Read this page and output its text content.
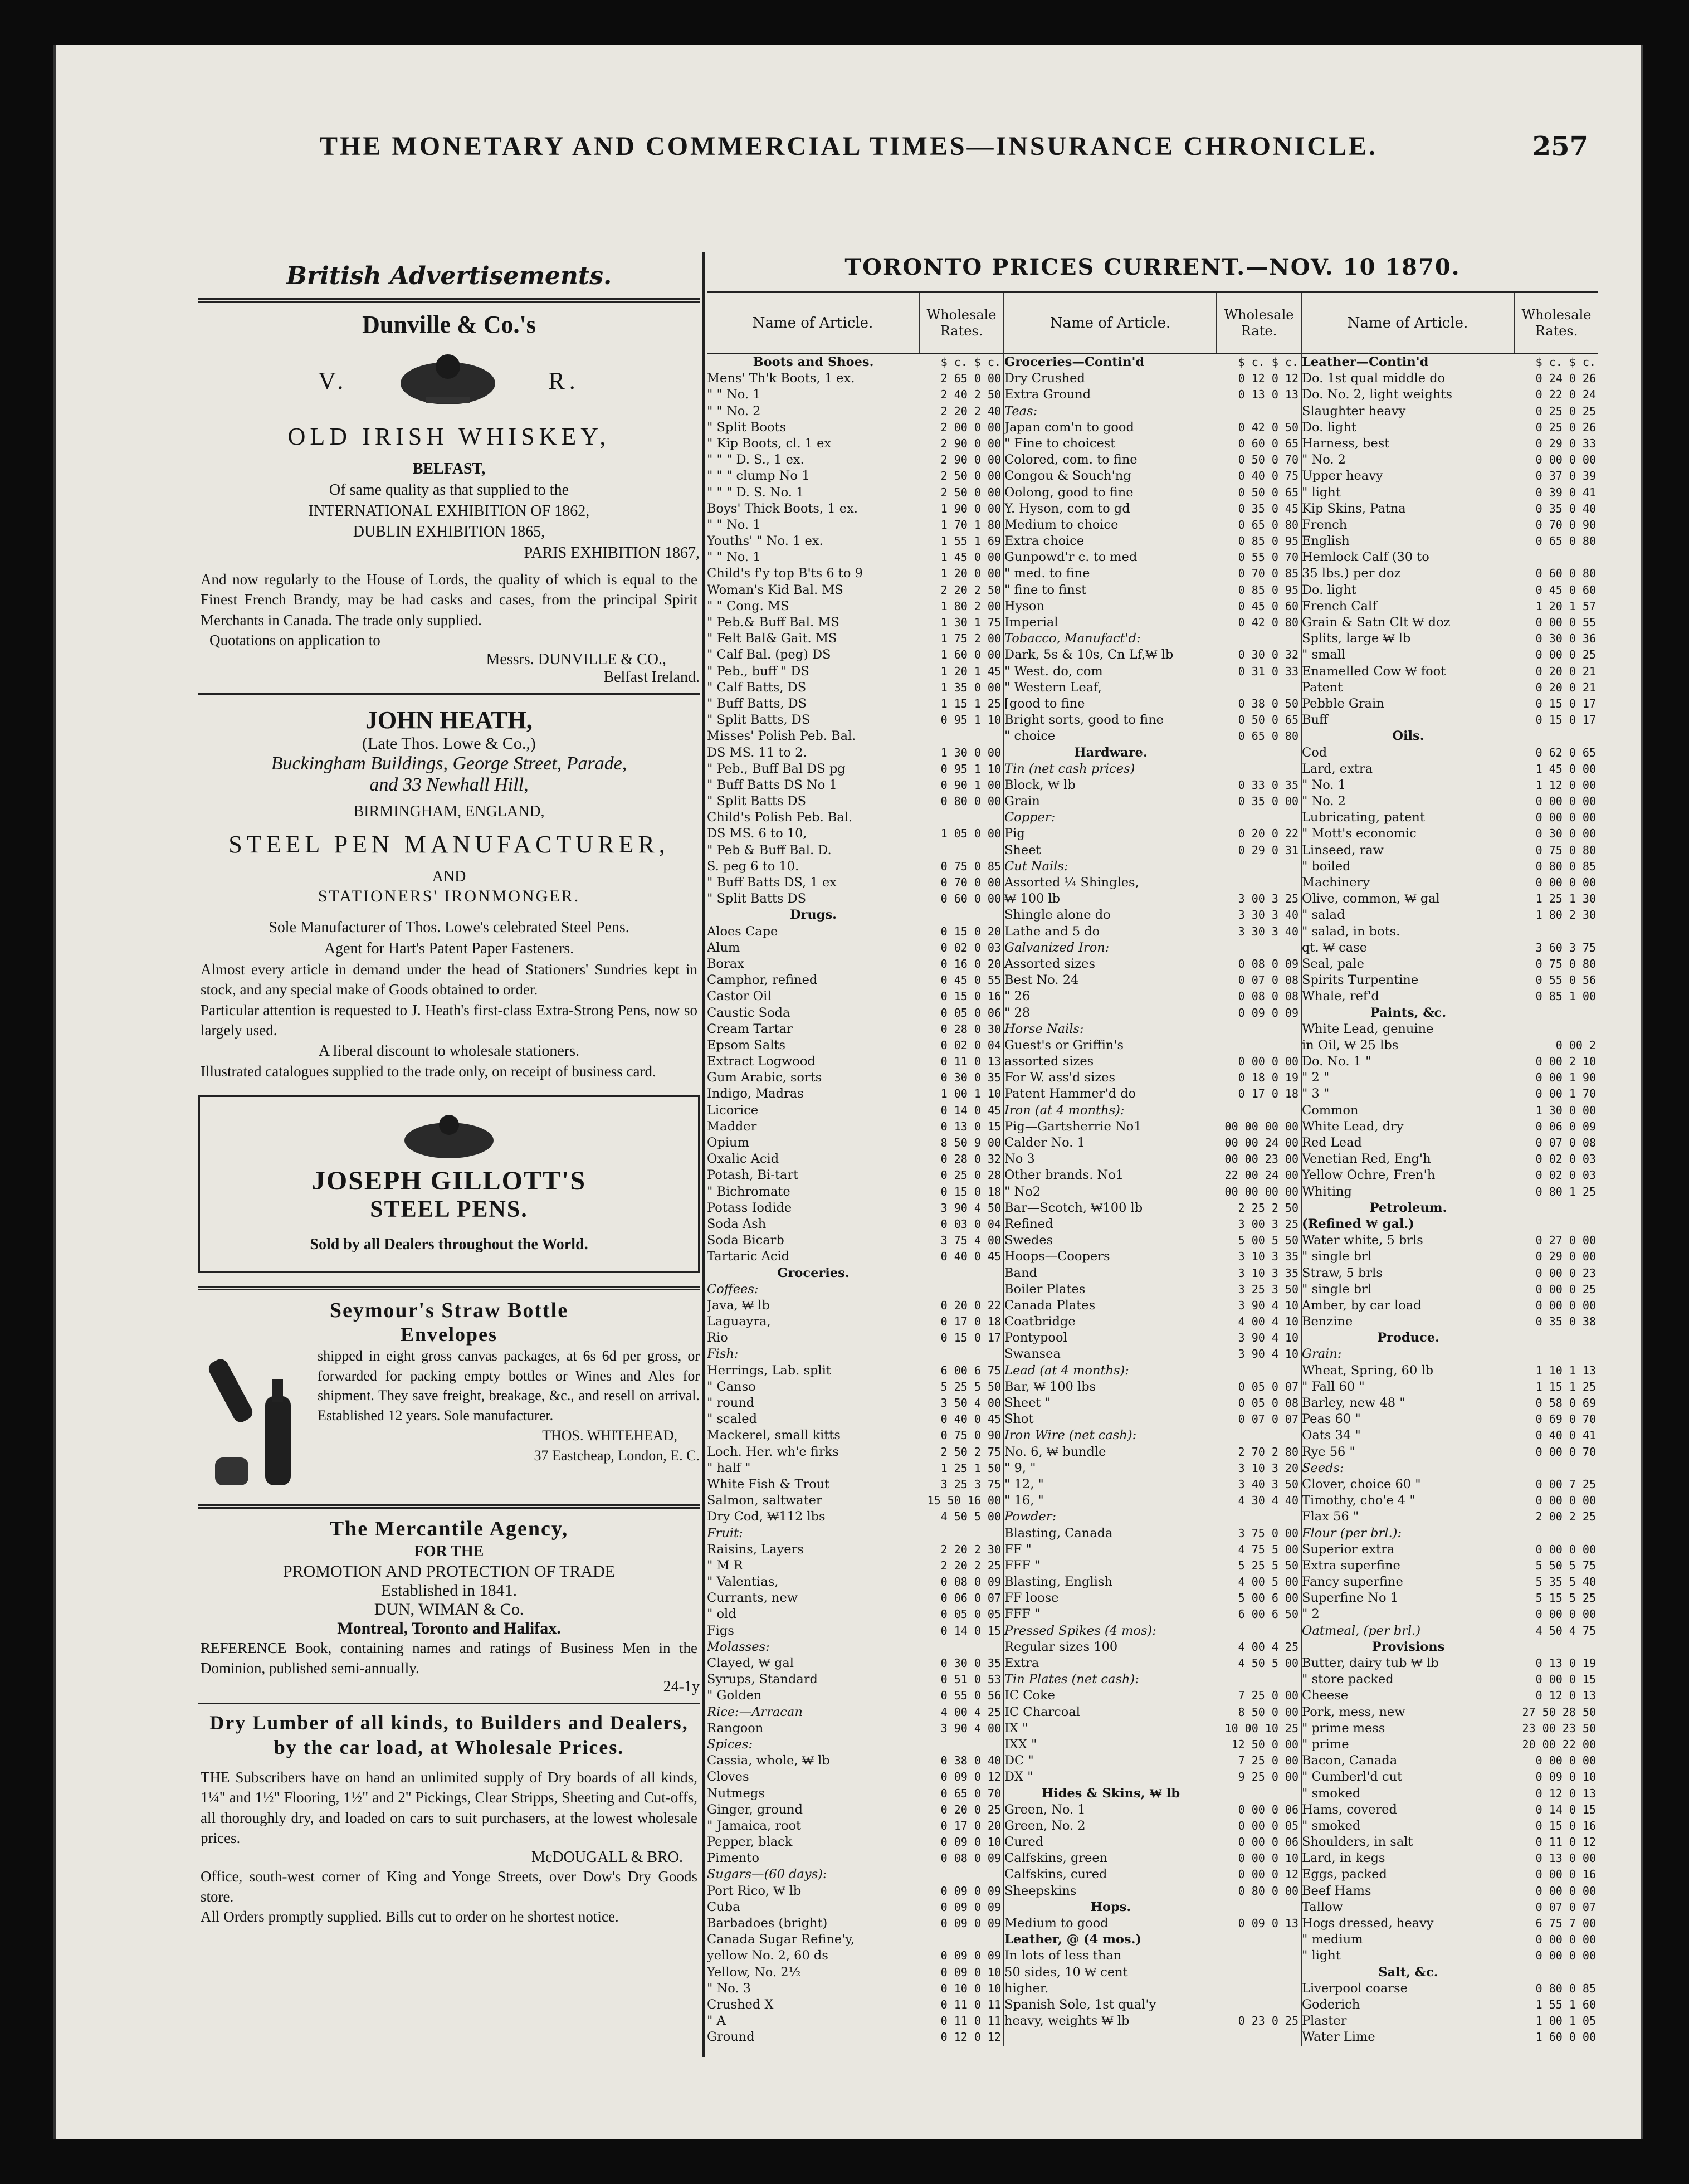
THE MONETARY AND COMMERCIAL TIMES—INSURANCE CHRONICLE.	257
British Advertisements.
Dunville & Co.'s
V.	R.
OLD IRISH WHISKEY,
BELFAST,
Of same quality as that supplied to the
INTERNATIONAL EXHIBITION OF 1862,
DUBLIN EXHIBITION 1865,
PARIS EXHIBITION 1867,
And now regularly to the House of Lords, the quality of which is equal to the Finest French Brandy, may be had casks and cases, from the principal Spirit Merchants in Canada. The trade only supplied.
Quotations on application to
Messrs. DUNVILLE & CO.,
Belfast Ireland.
JOHN HEATH,
(Late Thos. Lowe & Co.,)
Buckingham Buildings, George Street, Parade,
and 33 Newhall Hill,
BIRMINGHAM, ENGLAND,
STEEL PEN MANUFACTURER,
AND
STATIONERS' IRONMONGER.
Sole Manufacturer of Thos. Lowe's celebrated Steel Pens.
Agent for Hart's Patent Paper Fasteners.
Almost every article in demand under the head of Stationers' Sundries kept in stock, and any special make of Goods obtained to order.
Particular attention is requested to J. Heath's first-class Extra-Strong Pens, now so largely used.
A liberal discount to wholesale stationers.
Illustrated catalogues supplied to the trade only, on receipt of business card.
JOSEPH GILLOTT'S
STEEL PENS.
Sold by all Dealers throughout the World.
Seymour's Straw Bottle
Envelopes
shipped in eight gross canvas packages, at 6s 6d per gross, or forwarded for packing empty bottles or Wines and Ales for shipment. They save freight, breakage, &c., and resell on arrival. Established 12 years. Sole manufacturer.
THOS. WHITEHEAD,
37 Eastcheap, London, E. C.
The Mercantile Agency,
FOR THE
PROMOTION AND PROTECTION OF TRADE
Established in 1841.
DUN, WIMAN & Co.
Montreal, Toronto and Halifax.
REFERENCE Book, containing names and ratings of Business Men in the Dominion, published semi-annually.
24-1y
Dry Lumber of all kinds, to Builders and Dealers, by the car load, at Wholesale Prices.
THE Subscribers have on hand an unlimited supply of Dry boards of all kinds, 1¼" and 1½" Flooring, 1½" and 2" Pickings, Clear Stripps, Sheeting and Cut-offs, all thoroughly dry, and loaded on cars to suit purchasers, at the lowest wholesale prices.
McDOUGALL & BRO.
Office, south-west corner of King and Yonge Streets, over Dow's Dry Goods store.
All Orders promptly supplied. Bills cut to order on he shortest notice.
TORONTO PRICES CURRENT.—NOV. 10 1870.
Name of Article.	Wholesale Rates.
Boots and Shoes.	$ c. $ c.
Mens' Th'k Boots, 1 ex.	2 65 0 00
" " No. 1	2 40 2 50
" " No. 2	2 20 2 40
" Split Boots	2 00 0 00
" Kip Boots, cl. 1 ex	2 90 0 00
" " " D. S., 1 ex.	2 90 0 00
" " " clump No 1	2 50 0 00
" " " D. S. No. 1	2 50 0 00
Boys' Thick Boots, 1 ex.	1 90 0 00
" " No. 1	1 70 1 80
Youths' " No. 1 ex.	1 55 1 69
" " No. 1	1 45 0 00
Child's f'y top B'ts 6 to 9	1 20 0 00
Woman's Kid Bal. MS	2 20 2 50
" " Cong. MS	1 80 2 00
" Peb.& Buff Bal. MS	1 30 1 75
" Felt Bal& Gait. MS	1 75 2 00
" Calf Bal. (peg) DS	1 60 0 00
" Peb., buff " DS	1 20 1 45
" Calf Batts, DS	1 35 0 00
" Buff Batts, DS	1 15 1 25
" Split Batts, DS	0 95 1 10
Misses' Polish Peb. Bal.
DS MS. 11 to 2.	1 30 0 00
" Peb., Buff Bal DS pg	0 95 1 10
" Buff Batts DS No 1	0 90 1 00
" Split Batts DS	0 80 0 00
Child's Polish Peb. Bal.
DS MS. 6 to 10,	1 05 0 00
" Peb & Buff Bal. D.
S. peg 6 to 10.	0 75 0 85
" Buff Batts DS, 1 ex	0 70 0 00
" Split Batts DS	0 60 0 00
Drugs.
Aloes Cape	0 15 0 20
Alum	0 02 0 03
Borax	0 16 0 20
Camphor, refined	0 45 0 55
Castor Oil	0 15 0 16
Caustic Soda	0 05 0 06
Cream Tartar	0 28 0 30
Epsom Salts	0 02 0 04
Extract Logwood	0 11 0 13
Gum Arabic, sorts	0 30 0 35
Indigo, Madras	1 00 1 10
Licorice	0 14 0 45
Madder	0 13 0 15
Opium	8 50 9 00
Oxalic Acid	0 28 0 32
Potash, Bi-tart	0 25 0 28
" Bichromate	0 15 0 18
Potass Iodide	3 90 4 50
Soda Ash	0 03 0 04
Soda Bicarb	3 75 4 00
Tartaric Acid	0 40 0 45
Groceries.
Coffees:
Java, ₩ lb	0 20 0 22
Laguayra,	0 17 0 18
Rio	0 15 0 17
Fish:
Herrings, Lab. split	6 00 6 75
" Canso	5 25 5 50
" round	3 50 4 00
" scaled	0 40 0 45
Mackerel, small kitts	0 75 0 90
Loch. Her. wh'e firks	2 50 2 75
" half "	1 25 1 50
White Fish & Trout	3 25 3 75
Salmon, saltwater	15 50 16 00
Dry Cod, ₩112 lbs	4 50 5 00
Fruit:
Raisins, Layers	2 20 2 30
" M R	2 20 2 25
" Valentias,	0 08 0 09
Currants, new	0 06 0 07
" old	0 05 0 05
Figs	0 14 0 15
Molasses:
Clayed, ₩ gal	0 30 0 35
Syrups, Standard	0 51 0 53
" Golden	0 55 0 56
Rice:—Arracan	4 00 4 25
Rangoon	3 90 4 00
Spices:
Cassia, whole, ₩ lb	0 38 0 40
Cloves	0 09 0 12
Nutmegs	0 65 0 70
Ginger, ground	0 20 0 25
" Jamaica, root	0 17 0 20
Pepper, black	0 09 0 10
Pimento	0 08 0 09
Sugars—(60 days):
Port Rico, ₩ lb	0 09 0 09
Cuba	0 09 0 09
Barbadoes (bright)	0 09 0 09
Canada Sugar Refine'y,
yellow No. 2, 60 ds	0 09 0 09
Yellow, No. 2½	0 09 0 10
" No. 3	0 10 0 10
Crushed X	0 11 0 11
" A	0 11 0 11
Ground	0 12 0 12
Name of Article.	Wholesale Rate.
Groceries—Contin'd	$ c. $ c.
Dry Crushed	0 12 0 12
Extra Ground	0 13 0 13
Teas:
Japan com'n to good	0 42 0 50
" Fine to choicest	0 60 0 65
Colored, com. to fine	0 50 0 70
Congou & Souch'ng	0 40 0 75
Oolong, good to fine	0 50 0 65
Y. Hyson, com to gd	0 35 0 45
Medium to choice	0 65 0 80
Extra choice	0 85 0 95
Gunpowd'r c. to med	0 55 0 70
" med. to fine	0 70 0 85
" fine to finst	0 85 0 95
Hyson	0 45 0 60
Imperial	0 42 0 80
Tobacco, Manufact'd:
Dark, 5s & 10s, Cn Lf,₩ lb	0 30 0 32
" West. do, com	0 31 0 33
" Western Leaf,
[good to fine	0 38 0 50
Bright sorts, good to fine	0 50 0 65
" choice	0 65 0 80
Hardware.
Tin (net cash prices)
Block, ₩ lb	0 33 0 35
Grain	0 35 0 00
Copper:
Pig	0 20 0 22
Sheet	0 29 0 31
Cut Nails:
Assorted ¼ Shingles,
₩ 100 lb	3 00 3 25
Shingle alone do	3 30 3 40
Lathe and 5 do	3 30 3 40
Galvanized Iron:
Assorted sizes	0 08 0 09
Best No. 24	0 07 0 08
" 26	0 08 0 08
" 28	0 09 0 09
Horse Nails:
Guest's or Griffin's
assorted sizes	0 00 0 00
For W. ass'd sizes	0 18 0 19
Patent Hammer'd do	0 17 0 18
Iron (at 4 months):
Pig—Gartsherrie No1	00 00 00 00
Calder No. 1	00 00 24 00
No 3	00 00 23 00
Other brands. No1	22 00 24 00
" No2	00 00 00 00
Bar—Scotch, ₩100 lb	2 25 2 50
Refined	3 00 3 25
Swedes	5 00 5 50
Hoops—Coopers	3 10 3 35
Band	3 10 3 35
Boiler Plates	3 25 3 50
Canada Plates	3 90 4 10
Coatbridge	4 00 4 10
Pontypool	3 90 4 10
Swansea	3 90 4 10
Lead (at 4 months):
Bar, ₩ 100 lbs	0 05 0 07
Sheet "	0 05 0 08
Shot	0 07 0 07
Iron Wire (net cash):
No. 6, ₩ bundle	2 70 2 80
" 9, "	3 10 3 20
" 12, "	3 40 3 50
" 16, "	4 30 4 40
Powder:
Blasting, Canada	3 75 0 00
FF "	4 75 5 00
FFF "	5 25 5 50
Blasting, English	4 00 5 00
FF loose	5 00 6 00
FFF "	6 00 6 50
Pressed Spikes (4 mos):
Regular sizes 100	4 00 4 25
Extra	4 50 5 00
Tin Plates (net cash):
IC Coke	7 25 0 00
IC Charcoal	8 50 0 00
IX "	10 00 10 25
IXX "	12 50 0 00
DC "	7 25 0 00
DX "	9 25 0 00
Hides & Skins, ₩ lb
Green, No. 1	0 00 0 06
Green, No. 2	0 00 0 05
Cured	0 00 0 06
Calfskins, green	0 00 0 10
Calfskins, cured	0 00 0 12
Sheepskins	0 80 0 00
Hops.
Medium to good	0 09 0 13
Leather, @ (4 mos.)
In lots of less than
50 sides, 10 ₩ cent
higher.
Spanish Sole, 1st qual'y
heavy, weights ₩ lb	0 23 0 25
Name of Article.	Wholesale Rates.
Leather—Contin'd	$ c. $ c.
Do. 1st qual middle do	0 24 0 26
Do. No. 2, light weights	0 22 0 24
Slaughter heavy	0 25 0 25
Do. light	0 25 0 26
Harness, best	0 29 0 33
" No. 2	0 00 0 00
Upper heavy	0 37 0 39
" light	0 39 0 41
Kip Skins, Patna	0 35 0 40
French	0 70 0 90
English	0 65 0 80
Hemlock Calf (30 to
35 lbs.) per doz	0 60 0 80
Do. light	0 45 0 60
French Calf	1 20 1 57
Grain & Satn Clt ₩ doz	0 00 0 55
Splits, large ₩ lb	0 30 0 36
" small	0 00 0 25
Enamelled Cow ₩ foot	0 20 0 21
Patent	0 20 0 21
Pebble Grain	0 15 0 17
Buff	0 15 0 17
Oils.
Cod	0 62 0 65
Lard, extra	1 45 0 00
" No. 1	1 12 0 00
" No. 2	0 00 0 00
Lubricating, patent	0 00 0 00
" Mott's economic	0 30 0 00
Linseed, raw	0 75 0 80
" boiled	0 80 0 85
Machinery	0 00 0 00
Olive, common, ₩ gal	1 25 1 30
" salad	1 80 2 30
" salad, in bots.
qt. ₩ case	3 60 3 75
Seal, pale	0 75 0 80
Spirits Turpentine	0 55 0 56
Whale, ref'd	0 85 1 00
Paints, &c.
White Lead, genuine
in Oil, ₩ 25 lbs	0 00 2
Do. No. 1 "	0 00 2 10
" 2 "	0 00 1 90
" 3 "	0 00 1 70
Common	1 30 0 00
White Lead, dry	0 06 0 09
Red Lead	0 07 0 08
Venetian Red, Eng'h	0 02 0 03
Yellow Ochre, Fren'h	0 02 0 03
Whiting	0 80 1 25
Petroleum.
(Refined ₩ gal.)
Water white, 5 brls	0 27 0 00
" single brl	0 29 0 00
Straw, 5 brls	0 00 0 23
" single brl	0 00 0 25
Amber, by car load	0 00 0 00
Benzine	0 35 0 38
Produce.
Grain:
Wheat, Spring, 60 lb	1 10 1 13
" Fall 60 "	1 15 1 25
Barley, new 48 "	0 58 0 69
Peas 60 "	0 69 0 70
Oats 34 "	0 40 0 41
Rye 56 "	0 00 0 70
Seeds:
Clover, choice 60 "	0 00 7 25
Timothy, cho'e 4 "	0 00 0 00
Flax 56 "	2 00 2 25
Flour (per brl.):
Superior extra	0 00 0 00
Extra superfine	5 50 5 75
Fancy superfine	5 35 5 40
Superfine No 1	5 15 5 25
" 2	0 00 0 00
Oatmeal, (per brl.)	4 50 4 75
Provisions
Butter, dairy tub ₩ lb	0 13 0 19
" store packed	0 00 0 15
Cheese	0 12 0 13
Pork, mess, new	27 50 28 50
" prime mess	23 00 23 50
" prime	20 00 22 00
Bacon, Canada	0 00 0 00
" Cumberl'd cut	0 09 0 10
" smoked	0 12 0 13
Hams, covered	0 14 0 15
" smoked	0 15 0 16
Shoulders, in salt	0 11 0 12
Lard, in kegs	0 13 0 00
Eggs, packed	0 00 0 16
Beef Hams	0 00 0 00
Tallow	0 07 0 07
Hogs dressed, heavy	6 75 7 00
" medium	0 00 0 00
" light	0 00 0 00
Salt, &c.
Liverpool coarse	0 80 0 85
Goderich	1 55 1 60
Plaster	1 00 1 05
Water Lime	1 60 0 00
